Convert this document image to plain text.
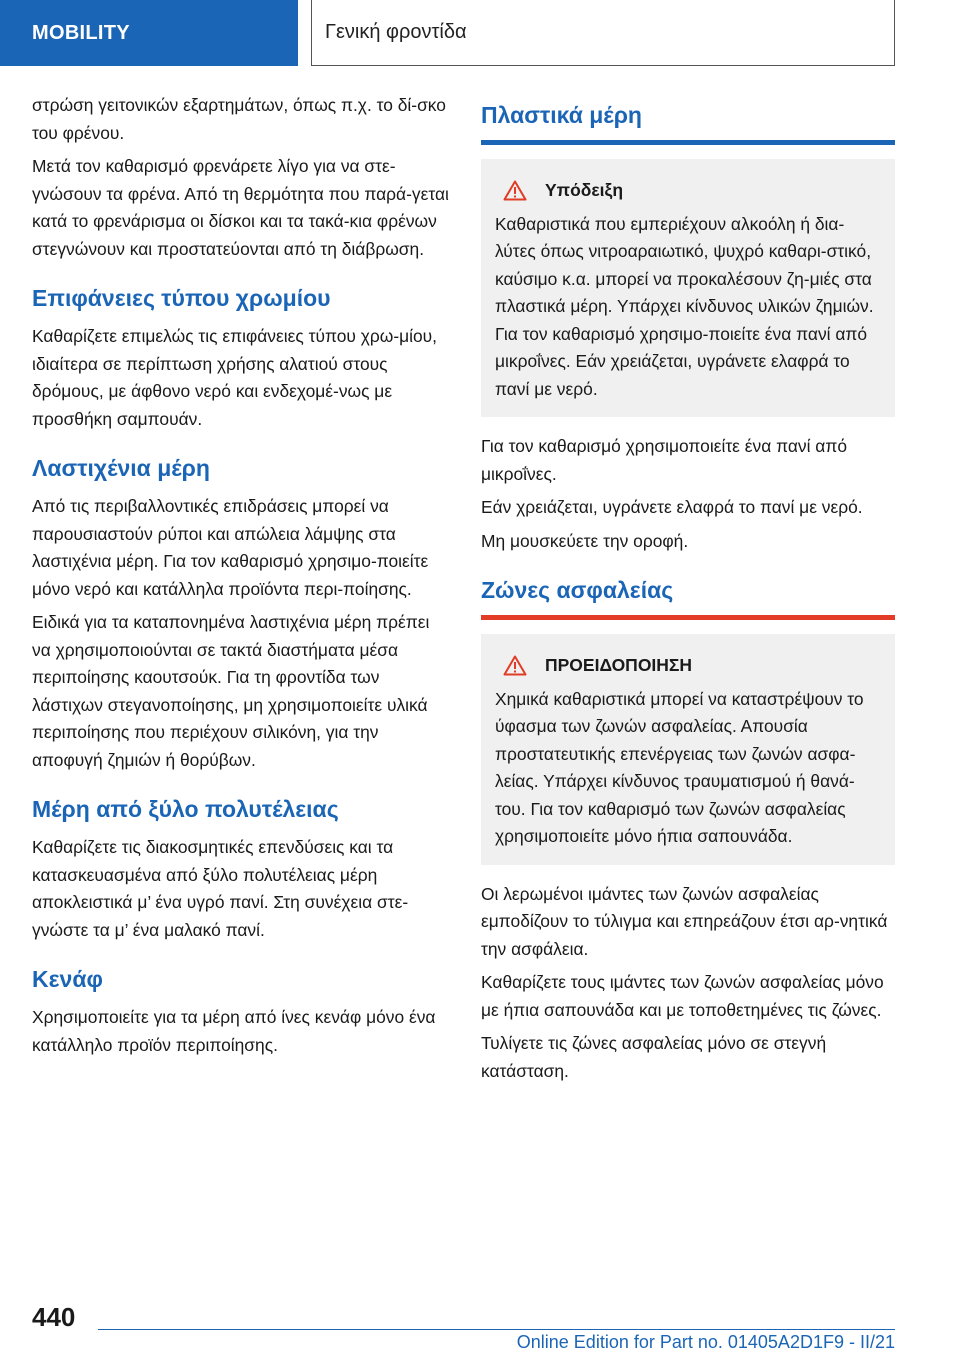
MOBILITY	Γενική φροντίδα

στρώση γειτονικών εξαρτημάτων, όπως π.χ. το δί-σκο του φρένου.

Μετά τον καθαρισμό φρενάρετε λίγο για να στε-γνώσουν τα φρένα. Από τη θερμότητα που παρά-γεται κατά το φρενάρισμα οι δίσκοι και τα τακά-κια φρένων στεγνώνουν και προστατεύονται από τη διάβρωση.

Επιφάνειες τύπου χρωμίου

Καθαρίζετε επιμελώς τις επιφάνειες τύπου χρω-μίου, ιδιαίτερα σε περίπτωση χρήσης αλατιού στους δρόμους, με άφθονο νερό και ενδεχομέ-νως με προσθήκη σαμπουάν.

Λαστιχένια μέρη

Από τις περιβαλλοντικές επιδράσεις μπορεί να παρουσιαστούν ρύποι και απώλεια λάμψης στα λαστιχένια μέρη. Για τον καθαρισμό χρησιμο-ποιείτε μόνο νερό και κατάλληλα προϊόντα περι-ποίησης.

Ειδικά για τα καταπονημένα λαστιχένια μέρη πρέπει να χρησιμοποιούνται σε τακτά διαστήματα μέσα περιποίησης καουτσούκ. Για τη φροντίδα των λάστιχων στεγανοποίησης, μη χρησιμοποιείτε υλικά περιποίησης που περιέχουν σιλικόνη, για την αποφυγή ζημιών ή θορύβων.

Μέρη από ξύλο πολυτέλειας

Καθαρίζετε τις διακοσμητικές επενδύσεις και τα κατασκευασμένα από ξύλο πολυτέλειας μέρη αποκλειστικά μ’ ένα υγρό πανί. Στη συνέχεια στε-γνώστε τα μ’ ένα μαλακό πανί.

Κενάφ

Χρησιμοποιείτε για τα μέρη από ίνες κενάφ μόνο ένα κατάλληλο προϊόν περιποίησης.

Πλαστικά μέρη
Υπόδειξη

Καθαριστικά που εμπεριέχουν αλκοόλη ή δια-λύτες όπως νιτροαραιωτικό, ψυχρό καθαρι-στικό, καύσιμο κ.α. μπορεί να προκαλέσουν ζη-μιές στα πλαστικά μέρη. Υπάρχει κίνδυνος υλικών ζημιών. Για τον καθαρισμό χρησιμο-ποιείτε ένα πανί από μικροΐνες. Εάν χρειάζεται, υγράνετε ελαφρά το πανί με νερό.

Για τον καθαρισμό χρησιμοποιείτε ένα πανί από μικροΐνες.

Εάν χρειάζεται, υγράνετε ελαφρά το πανί με νερό.

Μη μουσκεύετε την οροφή.

Ζώνες ασφαλείας
ΠΡΟΕΙΔΟΠΟΙΗΣΗ

Χημικά καθαριστικά μπορεί να καταστρέψουν το ύφασμα των ζωνών ασφαλείας. Απουσία προστατευτικής επενέργειας των ζωνών ασφα-λείας. Υπάρχει κίνδυνος τραυματισμού ή θανά-του. Για τον καθαρισμό των ζωνών ασφαλείας χρησιμοποιείτε μόνο ήπια σαπουνάδα.

Οι λερωμένοι ιμάντες των ζωνών ασφαλείας εμποδίζουν το τύλιγμα και επηρεάζουν έτσι αρ-νητικά την ασφάλεια.

Καθαρίζετε τους ιμάντες των ζωνών ασφαλείας μόνο με ήπια σαπουνάδα και με τοποθετημένες τις ζώνες.

Τυλίγετε τις ζώνες ασφαλείας μόνο σε στεγνή κατάσταση.

440
Online Edition for Part no. 01405A2D1F9 - II/21
